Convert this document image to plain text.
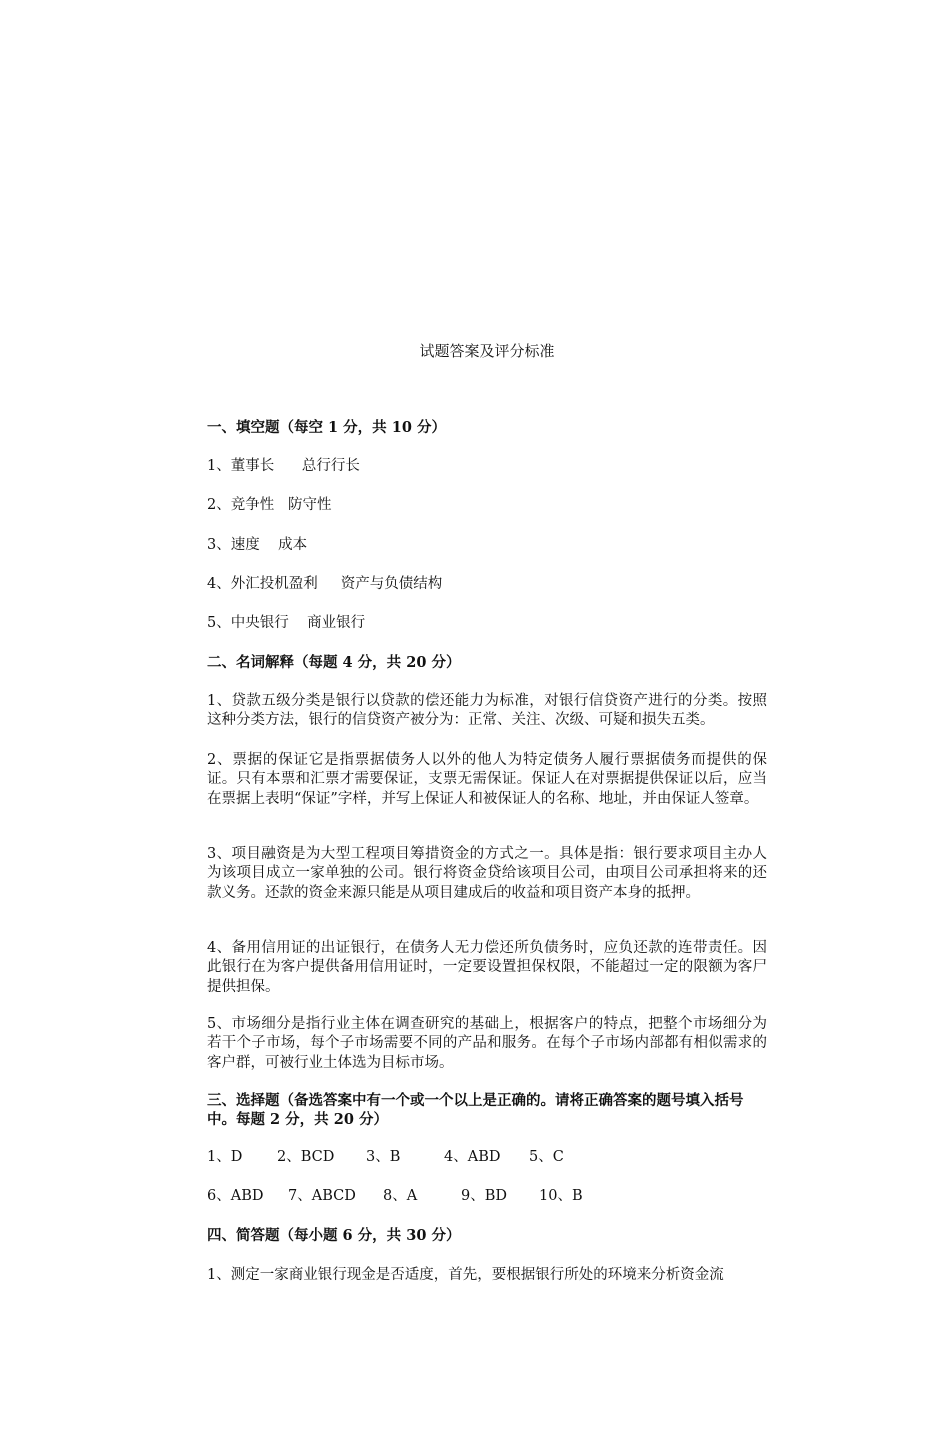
试题答案及评分标准
一、填空题（每空 1 分，共 10 分）
1、董事长      总行行长
2、竞争性   防守性
3、速度    成本
4、外汇投机盈利     资产与负债结构
5、中央银行    商业银行
二、名词解释（每题 4 分，共 20 分）
1、贷款五级分类是银行以贷款的偿还能力为标准，对银行信贷资产进行的分类。按照这种分类方法，银行的信贷资产被分为：正常、关注、次级、可疑和损失五类。
2、票据的保证它是指票据债务人以外的他人为特定债务人履行票据债务而提供的保证。只有本票和汇票才需要保证，支票无需保证。保证人在对票据提供保证以后，应当在票据上表明“保证”字样，并写上保证人和被保证人的名称、地址，并由保证人签章。
3、项目融资是为大型工程项目筹措资金的方式之一。具体是指：银行要求项目主办人为该项目成立一家单独的公司。银行将资金贷给该项目公司，由项目公司承担将来的还款义务。还款的资金来源只能是从项目建成后的收益和项目资产本身的抵押。
4、备用信用证的出证银行，在债务人无力偿还所负债务时，应负还款的连带责任。因此银行在为客户提供备用信用证时，一定要设置担保权限，不能超过一定的限额为客尸提供担保。
5、市场细分是指行业主体在调查研究的基础上，根据客户的特点，把整个市场细分为若干个子市场，每个子市场需要不同的产品和服务。在每个子市场内部都有相似需求的客户群，可被行业土体选为目标市场。
三、选择题（备选答案中有一个或一个以上是正确的。请将正确答案的题号填入括号中。每题 2 分，共 20 分）
1、D 2、BCD 3、B	4、ABD 5、C
6、ABD 7、ABCD 8、A	9、BD 10、B
四、简答题（每小题 6 分，共 30 分）
1、测定一家商业银行现金是否适度，首先，要根据银行所处的环境来分析资金流
